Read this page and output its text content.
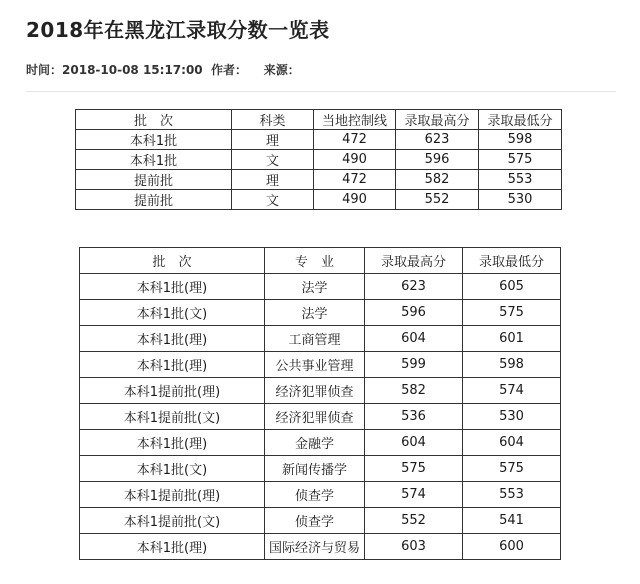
2018年在黑龙江录取分数一览表
时间：2018-10-08 15:17:00 作者： 来源：
批　次	科类	当地控制线	录取最高分	录取最低分
本科1批	理	472	623	598
本科1批	文	490	596	575
提前批	理	472	582	553
提前批	文	490	552	530
批　次	专　业	录取最高分	录取最低分
本科1批(理)	法学	623	605
本科1批(文)	法学	596	575
本科1批(理)	工商管理	604	601
本科1批(理)	公共事业管理	599	598
本科1提前批(理)	经济犯罪侦查	582	574
本科1提前批(文)	经济犯罪侦查	536	530
本科1批(理)	金融学	604	604
本科1批(文)	新闻传播学	575	575
本科1提前批(理)	侦查学	574	553
本科1提前批(文)	侦查学	552	541
本科1批(理)	国际经济与贸易	603	600
